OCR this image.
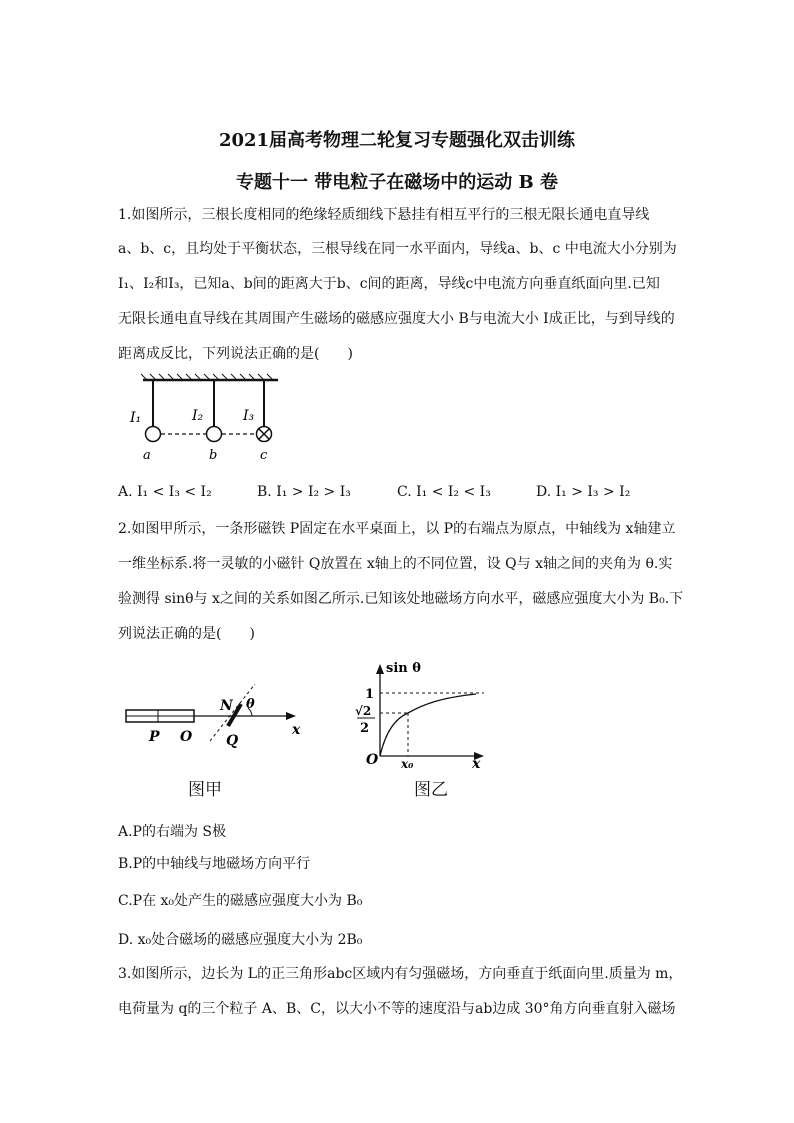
2021届高考物理二轮复习专题强化双击训练
专题十一 带电粒子在磁场中的运动 B 卷
1.如图所示，三根长度相同的绝缘轻质细线下悬挂有相互平行的三根无限长通电直导线
a、b、c，且均处于平衡状态，三根导线在同一水平面内，导线a、b、c 中电流大小分别为
I₁、I₂和I₃，已知a、b间的距离大于b、c间的距离，导线c中电流方向垂直纸面向里.已知
无限长通电直导线在其周围产生磁场的磁感应强度大小 B与电流大小 I成正比，与到导线的
距离成反比，下列说法正确的是(　　)
I₁	I₂	I₃
a	b	c
A. I₁ < I₃ < I₂	B. I₁ > I₂ > I₃	C. I₁ < I₂ < I₃	D. I₁ > I₃ > I₂
2.如图甲所示，一条形磁铁 P固定在水平桌面上，以 P的右端点为原点，中轴线为 x轴建立
一维坐标系.将一灵敏的小磁针 Q放置在 x轴上的不同位置，设 Q与 x轴之间的夹角为 θ.实
验测得 sinθ与 x之间的关系如图乙所示.已知该处地磁场方向水平，磁感应强度大小为 B₀.下
列说法正确的是(　　)
P O
N θ
x
Q
图甲
sin θ
1
√2
2
x₀
O	x
图乙
A.P的右端为 S极
B.P的中轴线与地磁场方向平行
C.P在 x₀处产生的磁感应强度大小为 B₀
D. x₀处合磁场的磁感应强度大小为 2B₀
3.如图所示，边长为 L的正三角形abc区域内有匀强磁场，方向垂直于纸面向里.质量为 m，
电荷量为 q的三个粒子 A、B、C，以大小不等的速度沿与ab边成 30°角方向垂直射入磁场
